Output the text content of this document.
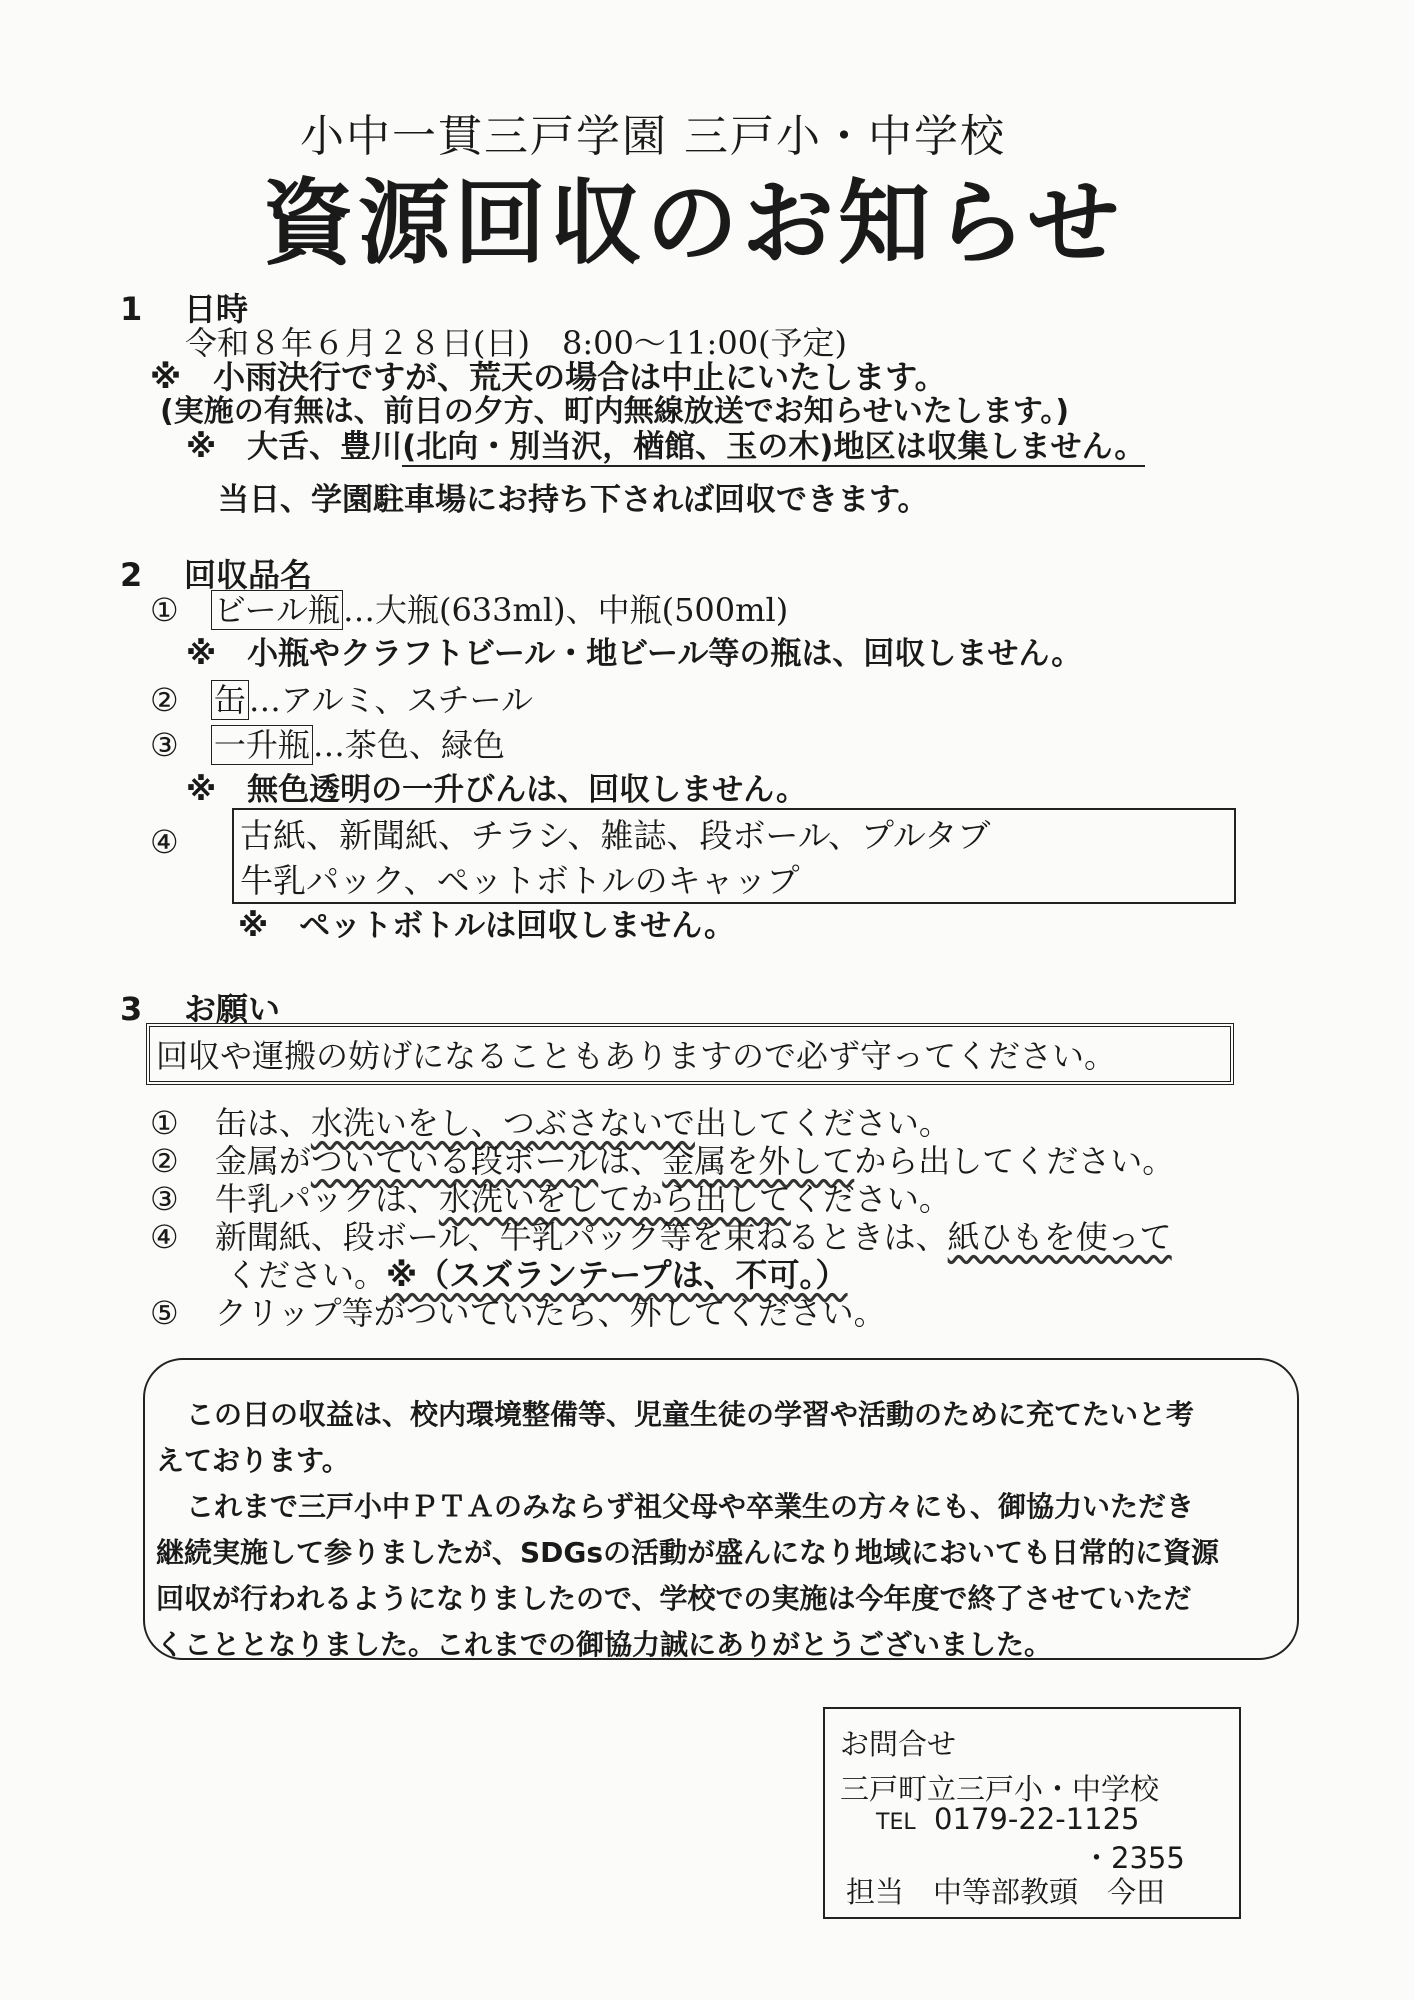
小中一貫三戸学園 三戸小・中学校
資源回収のお知らせ
1 日時
令和８年６月２８日(日)　8:00～11:00(予定)
※　 小雨決行ですが、荒天の場合は中止にいたします。
(実施の有無は、前日の夕方、町内無線放送でお知らせいたします。)
※　 大舌、豊川(北向・別当沢，楢館、玉の木)地区は収集しません。
当日、学園駐車場にお持ち下されば回収できます。
2 回収品名
① ビール瓶…大瓶(633ml)、中瓶(500ml)
※　 小瓶やクラフトビール・地ビール等の瓶は、回収しません。
② 缶…アルミ、スチール
③ 一升瓶…茶色、緑色
※　 無色透明の一升びんは、回収しません。
④ 古紙、新聞紙、チラシ、雑誌、段ボール、プルタブ
牛乳パック、ペットボトルのキャップ
※　 ペットボトルは回収しません。
3 お願い
回収や運搬の妨げになることもありますので必ず守ってください。
① 缶は、水洗いをし、つぶさないで出してください。
② 金属がついている段ボールは、金属を外してから出してください。
③ 牛乳パックは、水洗いをしてから出してください。
④ 新聞紙、段ボール、牛乳パック等を束ねるときは、紙ひもを使って
ください。※（スズランテープは、不可。）
⑤ クリップ等がついていたら、外してください。
この日の収益は、校内環境整備等、児童生徒の学習や活動のために充てたいと考
えております。
これまで三戸小中ＰＴＡのみならず祖父母や卒業生の方々にも、御協力いただき
継続実施して参りましたが、SDGsの活動が盛んになり地域においても日常的に資源
回収が行われるようになりましたので、学校での実施は今年度で終了させていただ
くこととなりました。これまでの御協力誠にありがとうございました。
お問合せ
三戸町立三戸小・中学校
TEL 0179-22-1125
・2355
担当　 中等部教頭　今田
